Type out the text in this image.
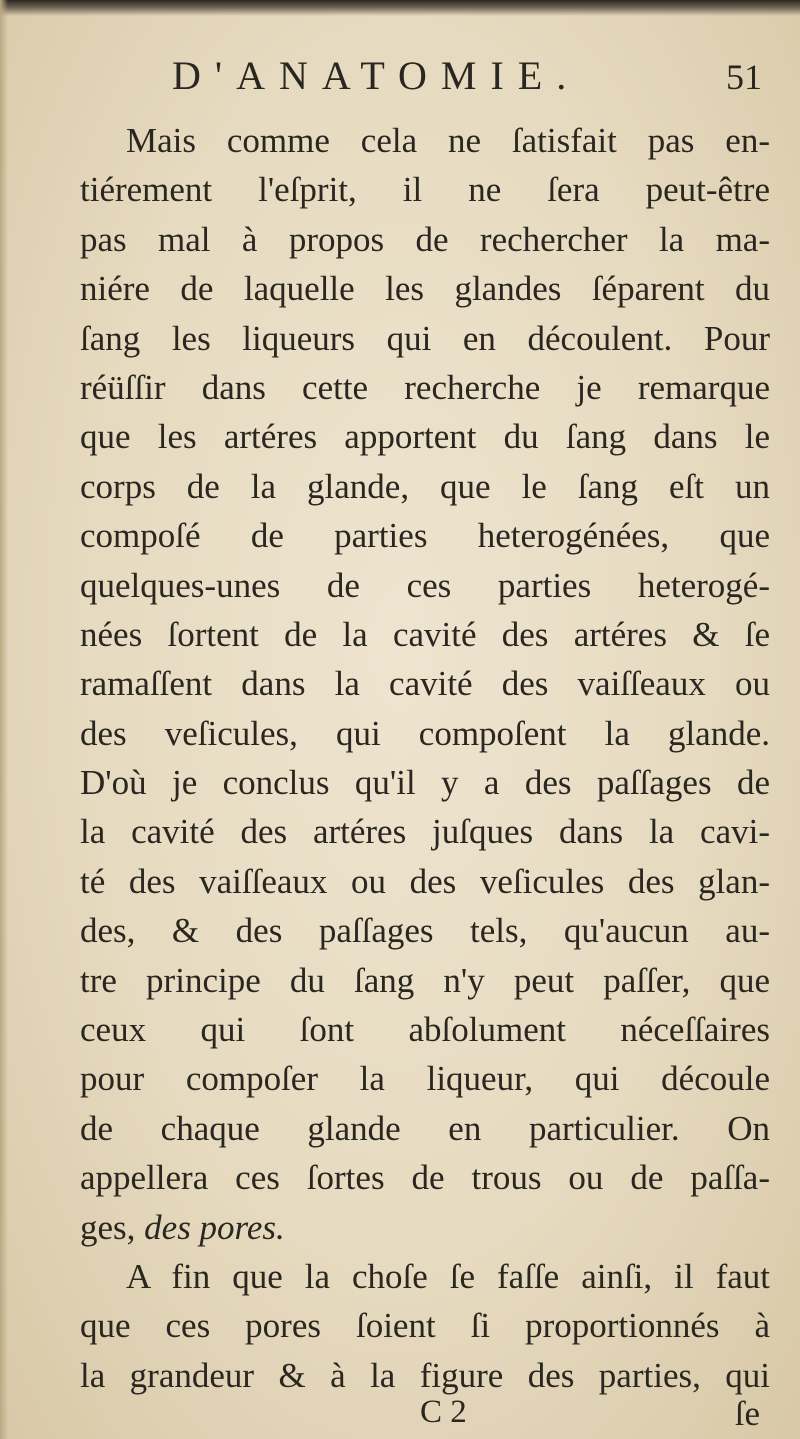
D'ANATOMIE.	51
Mais comme cela ne ſatisfait pas en-
tiérement l'eſprit, il ne ſera peut-être
pas mal à propos de rechercher la ma-
niére de laquelle les glandes ſéparent du
ſang les liqueurs qui en découlent. Pour
réüſſir dans cette recherche je remarque
que les artéres apportent du ſang dans le
corps de la glande, que le ſang eſt un
compoſé de parties heterogénées, que
quelques-unes de ces parties heterogé-
nées ſortent de la cavité des artéres & ſe
ramaſſent dans la cavité des vaiſſeaux ou
des veſicules, qui compoſent la glande.
D'où je conclus qu'il y a des paſſages de
la cavité des artéres juſques dans la cavi-
té des vaiſſeaux ou des veſicules des glan-
des, & des paſſages tels, qu'aucun au-
tre principe du ſang n'y peut paſſer, que
ceux qui ſont abſolument néceſſaires
pour compoſer la liqueur, qui découle
de chaque glande en particulier. On
appellera ces ſortes de trous ou de paſſa-
ges, des pores.
A fin que la choſe ſe faſſe ainſi, il faut
que ces pores ſoient ſi proportionnés à
la grandeur & à la figure des parties, qui
C 2	ſe
